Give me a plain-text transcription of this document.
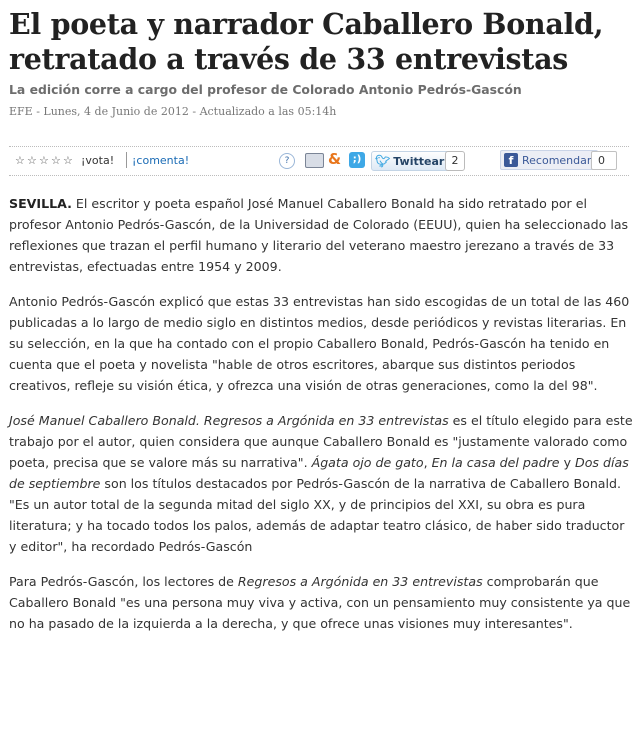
El poeta y narrador Caballero Bonald, retratado a través de 33 entrevistas
La edición corre a cargo del profesor de Colorado Antonio Pedrós-Gascón
EFE - Lunes, 4 de Junio de 2012 - Actualizado a las 05:14h
☆ ☆ ☆ ☆ ☆ ¡vota! ¡comenta!	?	&	;)	🐦︎ Twittear 2	f Recomendar 0

SEVILLA. El escritor y poeta español José Manuel Caballero Bonald ha sido retratado por el profesor Antonio Pedrós-Gascón, de la Universidad de Colorado (EEUU), quien ha seleccionado las reflexiones que trazan el perfil humano y literario del veterano maestro jerezano a través de 33 entrevistas, efectuadas entre 1954 y 2009.

Antonio Pedrós-Gascón explicó que estas 33 entrevistas han sido escogidas de un total de las 460 publicadas a lo largo de medio siglo en distintos medios, desde periódicos y revistas literarias. En su selección, en la que ha contado con el propio Caballero Bonald, Pedrós-Gascón ha tenido en cuenta que el poeta y novelista "hable de otros escritores, abarque sus distintos periodos creativos, refleje su visión ética, y ofrezca una visión de otras generaciones, como la del 98".

José Manuel Caballero Bonald. Regresos a Argónida en 33 entrevistas es el título elegido para este trabajo por el autor, quien considera que aunque Caballero Bonald es "justamente valorado como poeta, precisa que se valore más su narrativa". Ágata ojo de gato, En la casa del padre y Dos días de septiembre son los títulos destacados por Pedrós-Gascón de la narrativa de Caballero Bonald. "Es un autor total de la segunda mitad del siglo XX, y de principios del XXI, su obra es pura literatura; y ha tocado todos los palos, además de adaptar teatro clásico, de haber sido traductor y editor", ha recordado Pedrós-Gascón

Para Pedrós-Gascón, los lectores de Regresos a Argónida en 33 entrevistas comprobarán que Caballero Bonald "es una persona muy viva y activa, con un pensamiento muy consistente ya que no ha pasado de la izquierda a la derecha, y que ofrece unas visiones muy interesantes".
